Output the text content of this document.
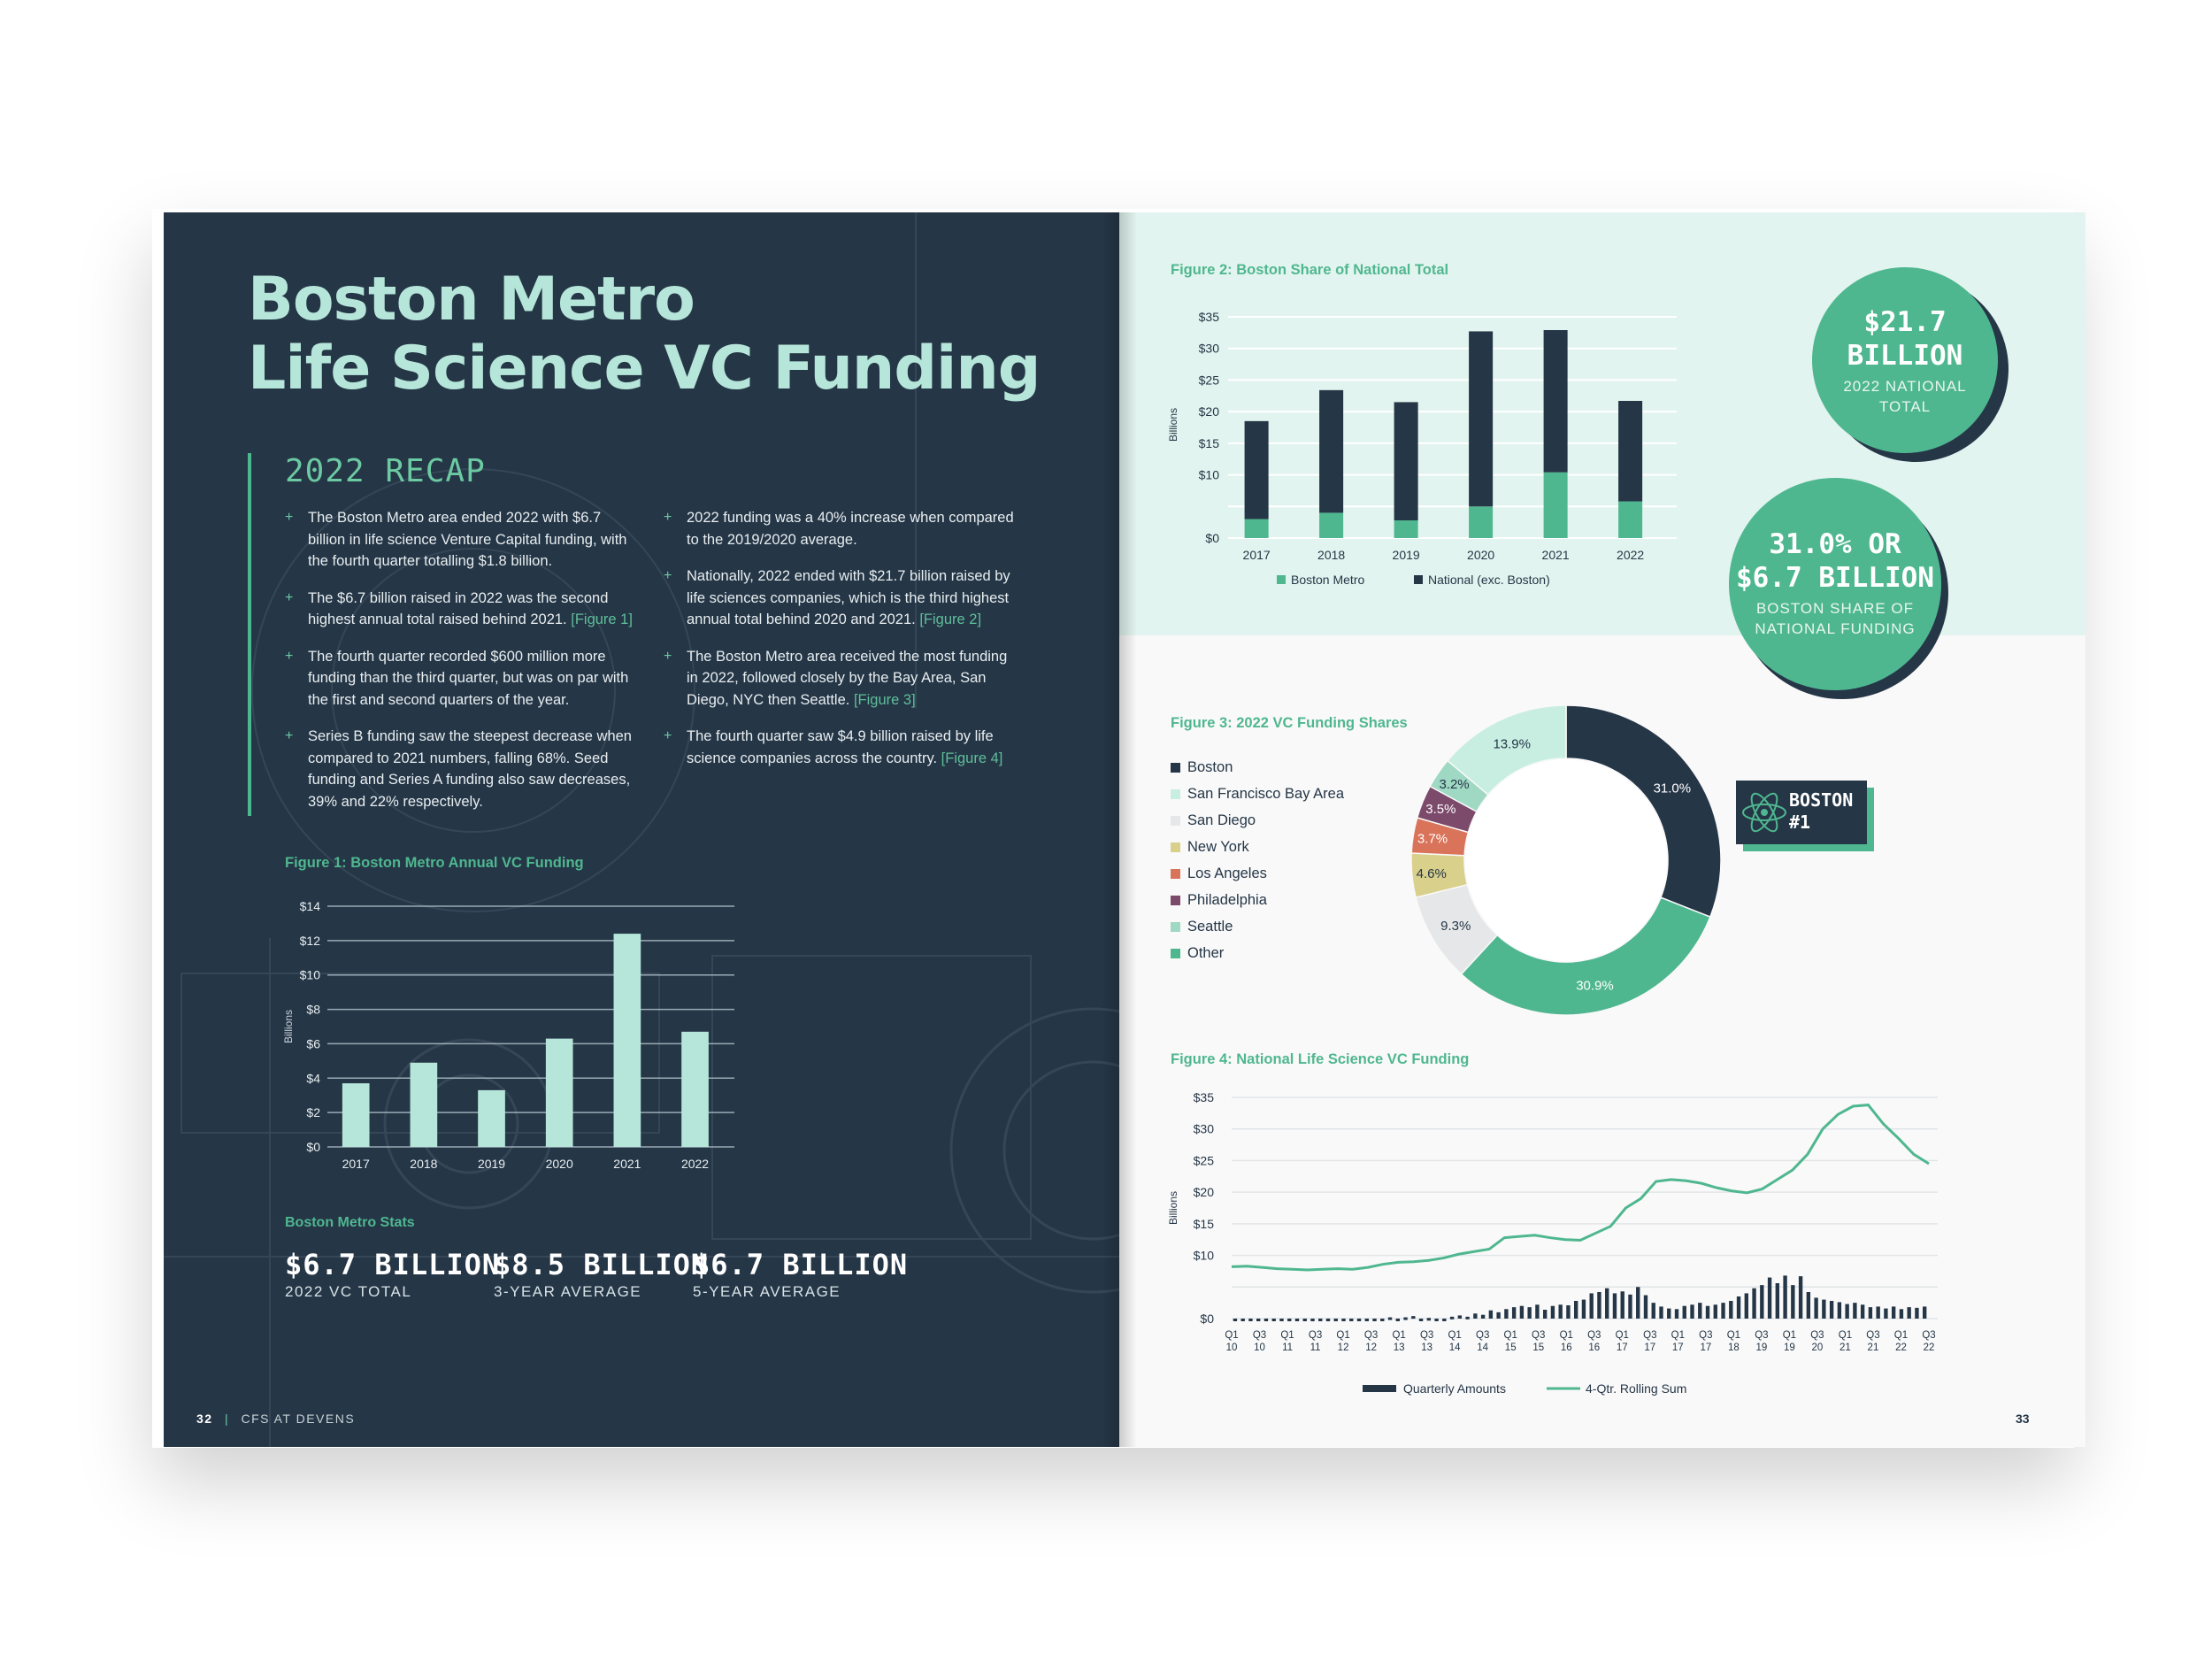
Boston Metro
Life Science VC Funding
2022 RECAP
+ The Boston Metro area ended 2022 with $6.7 billion in life science Venture Capital funding, with the fourth quarter totalling $1.8 billion.
+ The $6.7 billion raised in 2022 was the second highest annual total raised behind 2021. [Figure 1]
+ The fourth quarter recorded $600 million more funding than the third quarter, but was on par with the first and second quarters of the year.
+ Series B funding saw the steepest decrease when compared to 2021 numbers, falling 68%. Seed funding and Series A funding also saw decreases, 39% and 22% respectively.
+ 2022 funding was a 40% increase when compared to the 2019/2020 average.
+ Nationally, 2022 ended with $21.7 billion raised by life sciences companies, which is the third highest annual total behind 2020 and 2021. [Figure 2]
+ The Boston Metro area received the most funding in 2022, followed closely by the Bay Area, San Diego, NYC then Seattle. [Figure 3]
+ The fourth quarter saw $4.9 billion raised by life science companies across the country. [Figure 4]
Figure 1: Boston Metro Annual VC Funding
$0
$2
$4
$6
$8
$10
$12
$14
Billions
2017	2018	2019	2020	2021	2022
Boston Metro Stats
$6.7 BILLION
2022 VC TOTAL
$8.5 BILLION
3-YEAR AVERAGE
$6.7 BILLION
5-YEAR AVERAGE
32 | CFS AT DEVENS
Figure 2: Boston Share of National Total
$0
$10
$15
$20
$25
$30
$35
Billions
2017	2018	2019	2020	2021	2022
Boston Metro	National (exc. Boston)
$21.7
BILLION
2022 NATIONAL
TOTAL
31.0% OR
$6.7 BILLION
BOSTON SHARE OF
NATIONAL FUNDING
Figure 3: 2022 VC Funding Shares
Boston
San Francisco Bay Area
San Diego
New York
Los Angeles
Philadelphia
Seattle
Other
31.0%
30.9%
9.3%
4.6%
3.7%
3.5%
3.2%
13.9%
BOSTON
#1
Figure 4: National Life Science VC Funding
$0
$10
$15
$20
$25
$30
$35
Billions
Q1
10
Q3
10
Q1
11
Q3
11
Q1
12
Q3
12
Q1
13
Q3
13
Q1
14
Q3
14
Q1
15
Q3
15
Q1
16
Q3
16
Q1
17
Q3
17
Q1
17
Q3
17
Q1
18
Q3
19
Q1
19
Q3
20
Q1
21
Q3
21
Q1
22
Q3
22
Quarterly Amounts	4-Qtr. Rolling Sum
33
